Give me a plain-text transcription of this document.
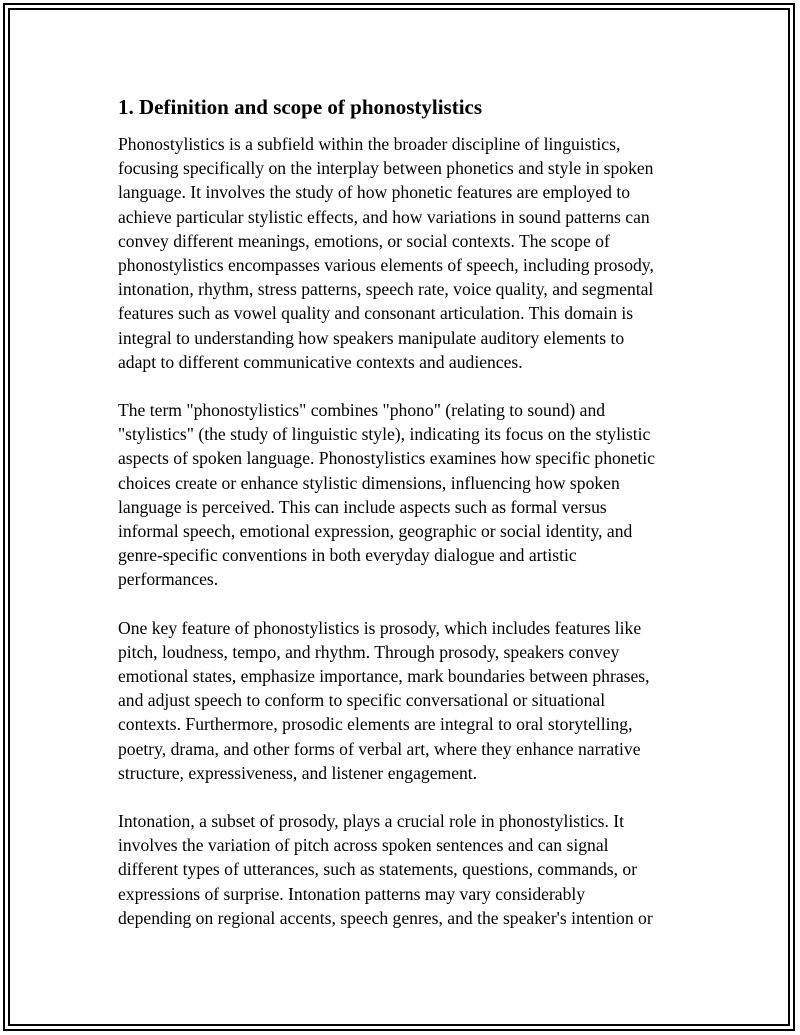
1. Definition and scope of phonostylistics

Phonostylistics is a subfield within the broader discipline of linguistics,
focusing specifically on the interplay between phonetics and style in spoken
language. It involves the study of how phonetic features are employed to
achieve particular stylistic effects, and how variations in sound patterns can
convey different meanings, emotions, or social contexts. The scope of
phonostylistics encompasses various elements of speech, including prosody,
intonation, rhythm, stress patterns, speech rate, voice quality, and segmental
features such as vowel quality and consonant articulation. This domain is
integral to understanding how speakers manipulate auditory elements to
adapt to different communicative contexts and audiences.

The term "phonostylistics" combines "phono" (relating to sound) and
"stylistics" (the study of linguistic style), indicating its focus on the stylistic
aspects of spoken language. Phonostylistics examines how specific phonetic
choices create or enhance stylistic dimensions, influencing how spoken
language is perceived. This can include aspects such as formal versus
informal speech, emotional expression, geographic or social identity, and
genre-specific conventions in both everyday dialogue and artistic
performances.

One key feature of phonostylistics is prosody, which includes features like
pitch, loudness, tempo, and rhythm. Through prosody, speakers convey
emotional states, emphasize importance, mark boundaries between phrases,
and adjust speech to conform to specific conversational or situational
contexts. Furthermore, prosodic elements are integral to oral storytelling,
poetry, drama, and other forms of verbal art, where they enhance narrative
structure, expressiveness, and listener engagement.

Intonation, a subset of prosody, plays a crucial role in phonostylistics. It
involves the variation of pitch across spoken sentences and can signal
different types of utterances, such as statements, questions, commands, or
expressions of surprise. Intonation patterns may vary considerably
depending on regional accents, speech genres, and the speaker's intention or
